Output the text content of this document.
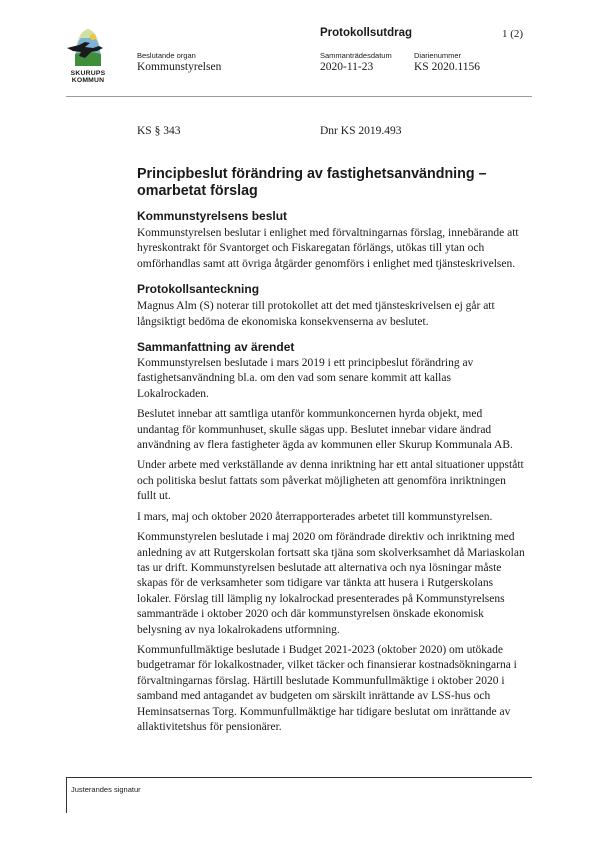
SKURUPS
KOMMUN
Protokollsutdrag	1 (2)
Beslutande organ
Kommunstyrelsen
Sammanträdesdatum
2020-11-23
Diarienummer
KS 2020.1156
KS § 343	Dnr KS 2019.493
Principbeslut förändring av fastighetsanvändning – omarbetat förslag
Kommunstyrelsens beslut

Kommunstyrelsen beslutar i enlighet med förvaltningarnas förslag, innebärande att hyreskontrakt för Svantorget och Fiskaregatan förlängs, utökas till ytan och omförhandlas samt att övriga åtgärder genomförs i enlighet med tjänsteskrivelsen.

Protokollsanteckning

Magnus Alm (S) noterar till protokollet att det med tjänsteskrivelsen ej går att långsiktigt bedöma de ekonomiska konsekvenserna av beslutet.

Sammanfattning av ärendet

Kommunstyrelsen beslutade i mars 2019 i ett principbeslut förändring av fastighetsanvändning bl.a. om den vad som senare kommit att kallas Lokalrockaden.

Beslutet innebar att samtliga utanför kommunkoncernen hyrda objekt, med undantag för kommunhuset, skulle sägas upp. Beslutet innebar vidare ändrad användning av flera fastigheter ägda av kommunen eller Skurup Kommunala AB.

Under arbete med verkställande av denna inriktning har ett antal situationer uppstått och politiska beslut fattats som påverkat möjligheten att genomföra inriktningen fullt ut.

I mars, maj och oktober 2020 återrapporterades arbetet till kommunstyrelsen.

Kommunstyrelen beslutade i maj 2020 om förändrade direktiv och inriktning med anledning av att Rutgerskolan fortsatt ska tjäna som skolverksamhet då Mariaskolan tas ur drift. Kommunstyrelsen beslutade att alternativa och nya lösningar måste skapas för de verksamheter som tidigare var tänkta att husera i Rutgerskolans lokaler. Förslag till lämplig ny lokalrockad presenterades på Kommunstyrelsens sammanträde i oktober 2020 och där kommunstyrelsen önskade ekonomisk belysning av nya lokalrokadens utformning.

Kommunfullmäktige beslutade i Budget 2021-2023 (oktober 2020) om utökade budgetramar för lokalkostnader, vilket täcker och finansierar kostnadsökningarna i förvaltningarnas förslag. Härtill beslutade Kommunfullmäktige i oktober 2020 i samband med antagandet av budgeten om särskilt inrättande av LSS-hus och Heminsatsernas Torg. Kommunfullmäktige har tidigare beslutat om inrättande av allaktivitetshus för pensionärer.

Justerandes signatur
